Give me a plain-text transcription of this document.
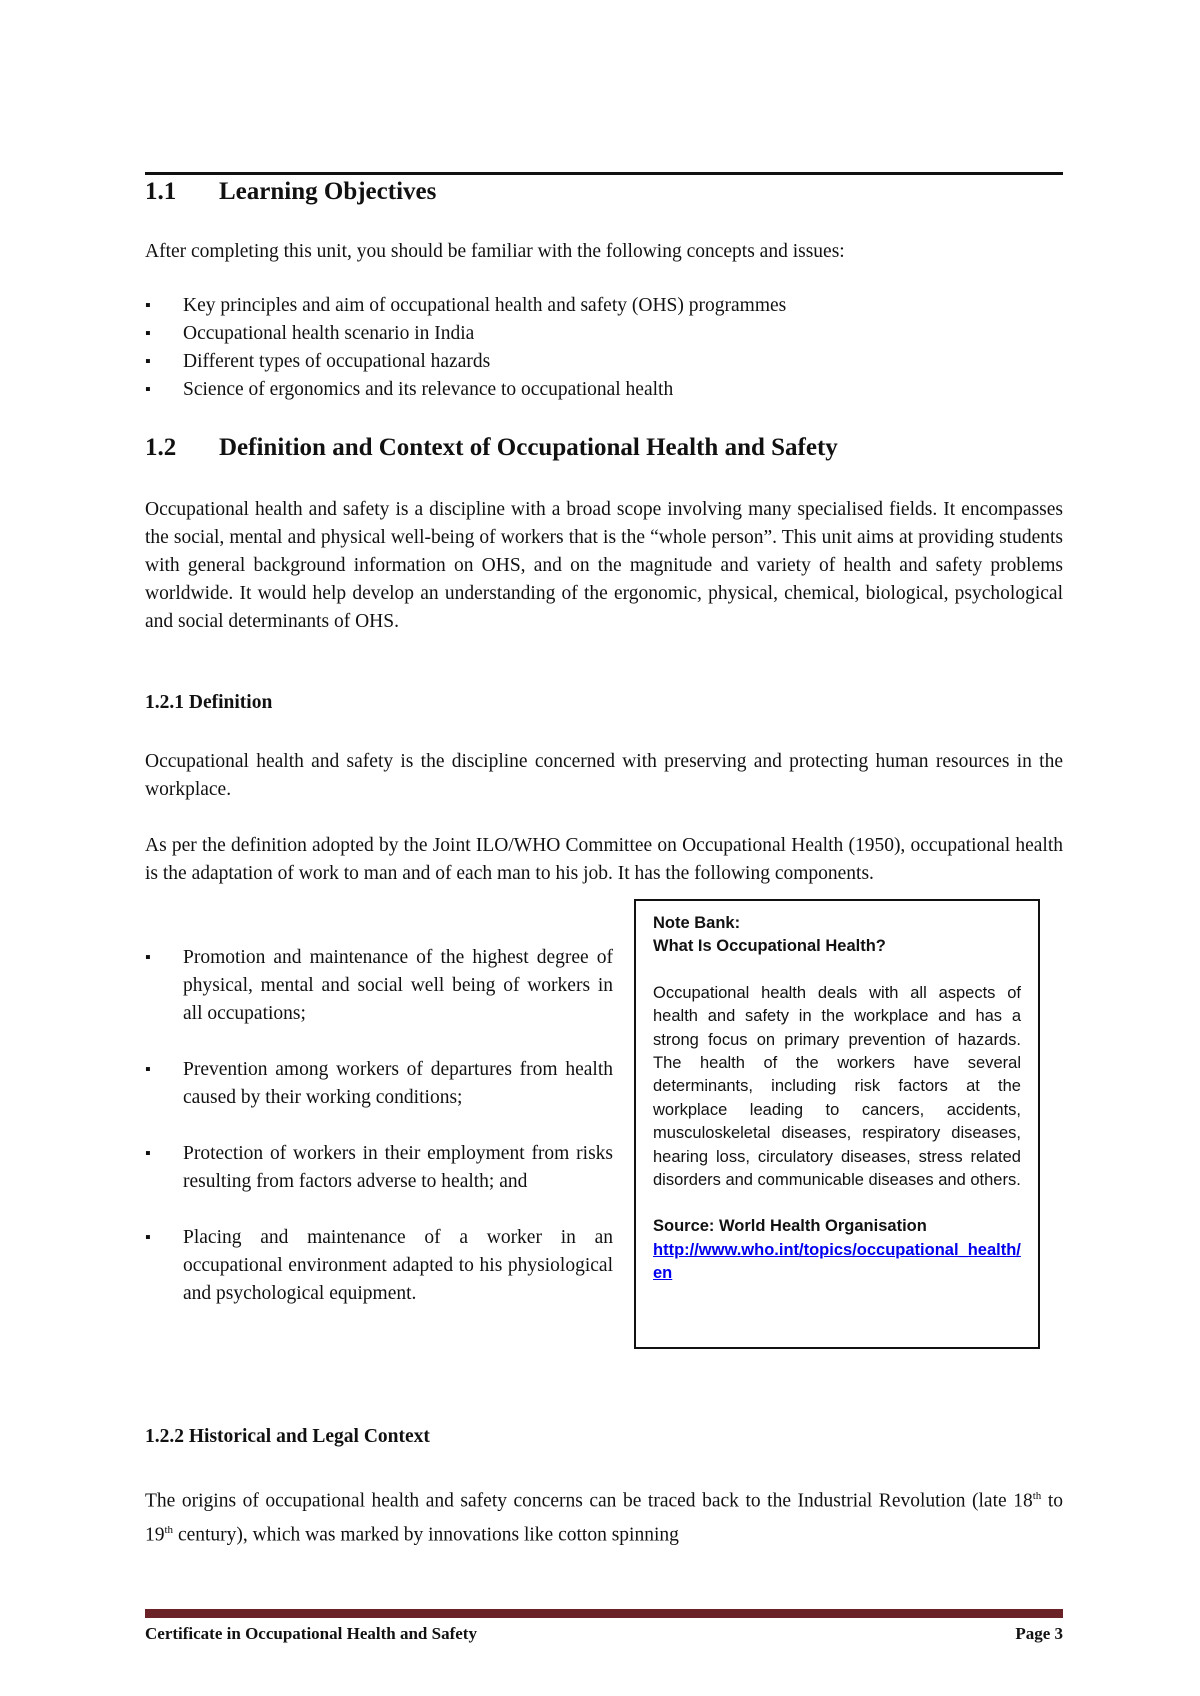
1.1 Learning Objectives
After completing this unit, you should be familiar with the following concepts and issues:
▪ Key principles and aim of occupational health and safety (OHS) programmes
▪ Occupational health scenario in India
▪ Different types of occupational hazards
▪ Science of ergonomics and its relevance to occupational health
1.2 Definition and Context of Occupational Health and Safety
Occupational health and safety is a discipline with a broad scope involving many specialised fields. It encompasses the social, mental and physical well-being of workers that is the “whole person”. This unit aims at providing students with general background information on OHS, and on the magnitude and variety of health and safety problems worldwide. It would help develop an understanding of the ergonomic, physical, chemical, biological, psychological and social determinants of OHS.
1.2.1 Definition
Occupational health and safety is the discipline concerned with preserving and protecting human resources in the workplace.
As per the definition adopted by the Joint ILO/WHO Committee on Occupational Health (1950), occupational health is the adaptation of work to man and of each man to his job. It has the following components.
▪ Promotion and maintenance of the highest degree of physical, mental and social well being of workers in all occupations;
▪ Prevention among workers of departures from health caused by their working conditions;
▪ Protection of workers in their employment from risks resulting from factors adverse to health; and
▪ Placing and maintenance of a worker in an occupational environment adapted to his physiological and psychological equipment.
Note Bank:
What Is Occupational Health?
Occupational health deals with all aspects of health and safety in the workplace and has a strong focus on primary prevention of hazards. The health of the workers have several determinants, including risk factors at the workplace leading to cancers, accidents, musculoskeletal diseases, respiratory diseases, hearing loss, circulatory diseases, stress related disorders and communicable diseases and others.
Source: World Health Organisation
http://www.who.int/topics/occupational_health/en
1.2.2 Historical and Legal Context
The origins of occupational health and safety concerns can be traced back to the Industrial Revolution (late 18th to 19th century), which was marked by innovations like cotton spinning
Certificate in Occupational Health and Safety	Page 3
